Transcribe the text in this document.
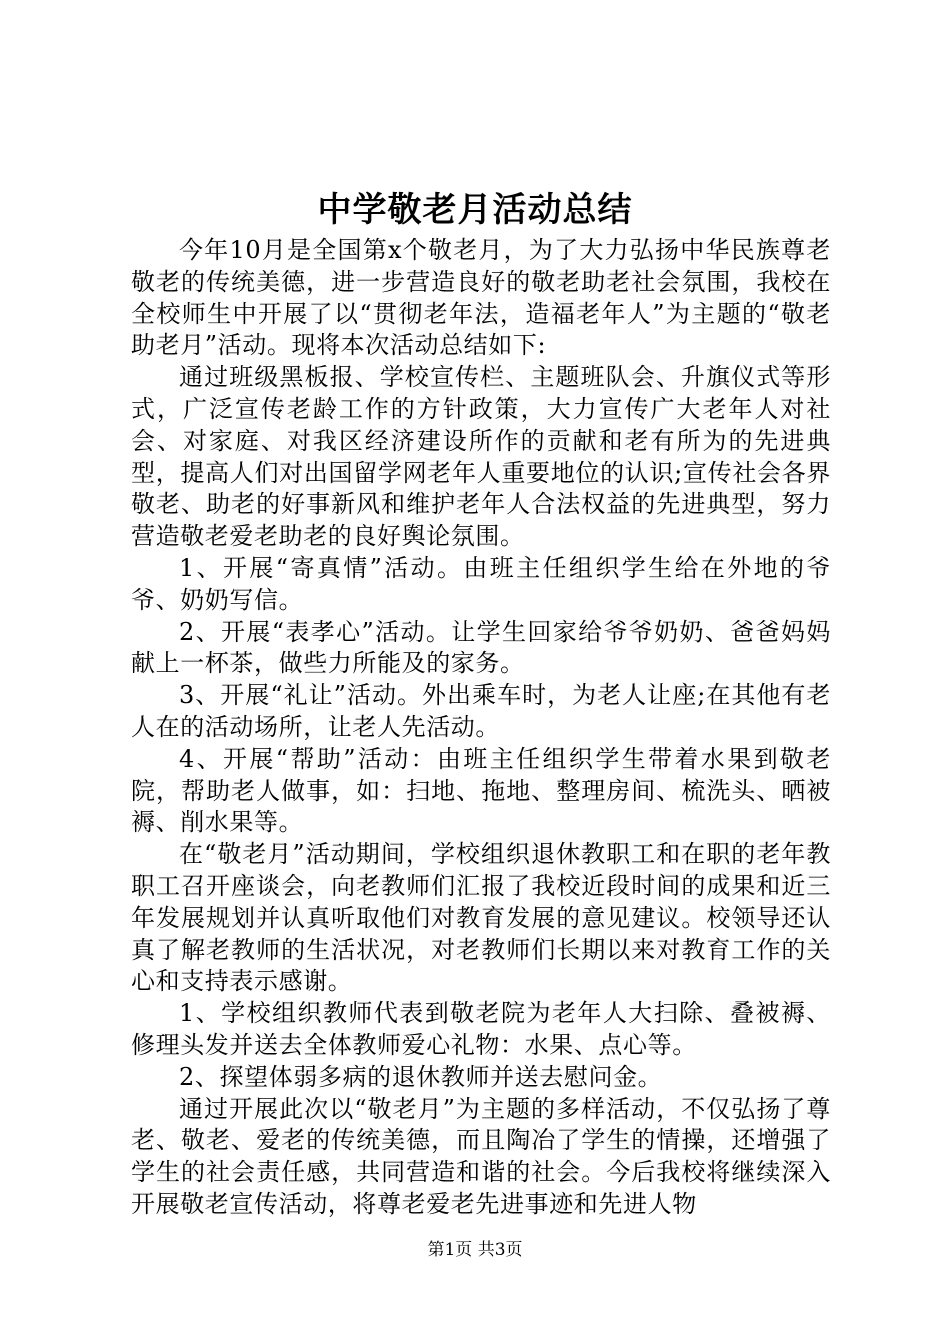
中学敬老月活动总结

今年10月是全国第x个敬老月，为了大力弘扬中华民族尊老敬老的传统美德，进一步营造良好的敬老助老社会氛围，我校在全校师生中开展了以“贯彻老年法，造福老年人”为主题的“敬老助老月”活动。现将本次活动总结如下:

通过班级黑板报、学校宣传栏、主题班队会、升旗仪式等形式，广泛宣传老龄工作的方针政策，大力宣传广大老年人对社会、对家庭、对我区经济建设所作的贡献和老有所为的先进典型，提高人们对出国留学网老年人重要地位的认识;宣传社会各界敬老、助老的好事新风和维护老年人合法权益的先进典型，努力营造敬老爱老助老的良好舆论氛围。

1、开展“寄真情”活动。由班主任组织学生给在外地的爷爷、奶奶写信。

2、开展“表孝心”活动。让学生回家给爷爷奶奶、爸爸妈妈献上一杯茶，做些力所能及的家务。

3、开展“礼让”活动。外出乘车时，为老人让座;在其他有老人在的活动场所，让老人先活动。

4、开展“帮助”活动：由班主任组织学生带着水果到敬老院，帮助老人做事，如：扫地、拖地、整理房间、梳洗头、晒被褥、削水果等。

在“敬老月”活动期间，学校组织退休教职工和在职的老年教职工召开座谈会，向老教师们汇报了我校近段时间的成果和近三年发展规划并认真听取他们对教育发展的意见建议。校领导还认真了解老教师的生活状况，对老教师们长期以来对教育工作的关心和支持表示感谢。

1、学校组织教师代表到敬老院为老年人大扫除、叠被褥、修理头发并送去全体教师爱心礼物：水果、点心等。

2、探望体弱多病的退休教师并送去慰问金。

通过开展此次以“敬老月”为主题的多样活动，不仅弘扬了尊老、敬老、爱老的传统美德，而且陶冶了学生的情操，还增强了学生的社会责任感，共同营造和谐的社会。今后我校将继续深入开展敬老宣传活动，将尊老爱老先进事迹和先进人物

第1页 共3页
